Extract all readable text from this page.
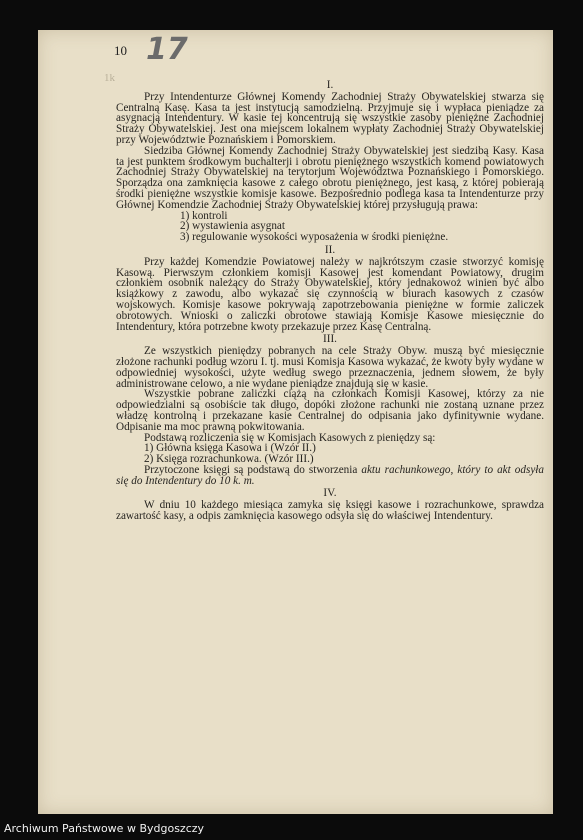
10 17
1k
I.

Przy Intendenturze Głównej Komendy Zachodniej Straży Obywatelskiej stwarza się Centralną Kasę. Kasa ta jest instytucją samodzielną. Przyjmuje się i wypłaca pieniądze za asygnacją Intendentury. W kasie tej koncentrują się wszystkie zasoby pieniężne Zachodniej Straży Obywatelskiej. Jest ona miejscem lokalnem wypłaty Zachodniej Straży Obywatelskiej przy Województwie Poznańskiem i Pomorskiem.

Siedziba Głównej Komendy Zachodniej Straży Obywatelskiej jest siedzibą Kasy. Kasa ta jest punktem środkowym buchalterji i obrotu pieniężnego wszystkich komend powiatowych Zachodniej Straży Obywatelskiej na terytorjum Województwa Poznańskiego i Pomorskiego. Sporządza ona zamknięcia kasowe z całego obrotu pieniężnego, jest kasą, z której pobierają środki pieniężne wszystkie komisje kasowe. Bezpośrednio podlega kasa ta Intendenturze przy Głównej Komendzie Zachodniej Straży Obywatelskiej której przysługują prawa:

1) kontroli
2) wystawienia asygnat
3) regulowanie wysokości wyposażenia w środki pieniężne.
II.

Przy każdej Komendzie Powiatowej należy w najkrótszym czasie stworzyć komisję Kasową. Pierwszym członkiem komisji Kasowej jest komendant Powiatowy, drugim członkiem osobnik należący do Straży Obywatelskiej, który jednakowoż winien być albo książkowy z zawodu, albo wykazać się czynnością w biurach kasowych z czasów wojskowych. Komisje kasowe pokrywają zapotrzebowania pieniężne w formie zaliczek obrotowych. Wnioski o zaliczki obrotowe stawiają Komisje Kasowe miesięcznie do Intendentury, która potrzebne kwoty przekazuje przez Kasę Centralną.

III.

Ze wszystkich pieniędzy pobranych na cele Straży Obyw. muszą być miesięcznie złożone rachunki podług wzoru I. tj. musi Komisja Kasowa wykazać, że kwoty były wydane w odpowiedniej wysokości, użyte według swego przeznaczenia, jednem słowem, że były administrowane celowo, a nie wydane pieniądze znajdują się w kasie.

Wszystkie pobrane zaliczki ciążą na członkach Komisji Kasowej, którzy za nie odpowiedzialni są osobiście tak długo, dopóki złożone rachunki nie zostaną uznane przez władzę kontrolną i przekazane kasie Centralnej do odpisania jako dyfinitywnie wydane. Odpisanie ma moc prawną pokwitowania.

Podstawą rozliczenia się w Komisjach Kasowych z pieniędzy są:

1) Główna księga Kasowa i (Wzór II.)
2) Księga rozrachunkowa. (Wzór III.)

Przytoczone księgi są podstawą do stworzenia aktu rachunkowego, który to akt odsyła się do Intendentury do 10 k. m.

IV.

W dniu 10 każdego miesiąca zamyka się księgi kasowe i rozrachunkowe, sprawdza zawartość kasy, a odpis zamknięcia kasowego odsyła się do właściwej Intendentury.

Archiwum Państwowe w Bydgoszczy
